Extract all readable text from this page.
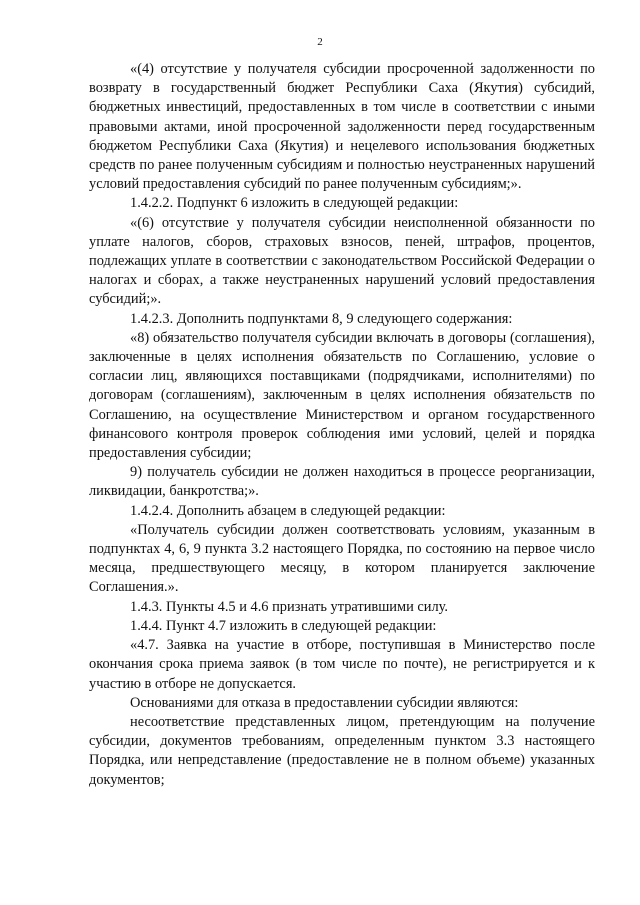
2

«(4) отсутствие у получателя субсидии просроченной задолженности по возврату в государственный бюджет Республики Саха (Якутия) субсидий, бюджетных инвестиций, предоставленных в том числе в соответствии с иными правовыми актами, иной просроченной задолженности перед государственным бюджетом Республики Саха (Якутия) и нецелевого использования бюджетных средств по ранее полученным субсидиям и полностью неустраненных нарушений условий предоставления субсидий по ранее полученным субсидиям;».

1.4.2.2. Подпункт 6 изложить в следующей редакции:

«(6) отсутствие у получателя субсидии неисполненной обязанности по уплате налогов, сборов, страховых взносов, пеней, штрафов, процентов, подлежащих уплате в соответствии с законодательством Российской Федерации о налогах и сборах, а также неустраненных нарушений условий предоставления субсидий;».

1.4.2.3. Дополнить подпунктами 8, 9 следующего содержания:

«8) обязательство получателя субсидии включать в договоры (соглашения), заключенные в целях исполнения обязательств по Соглашению, условие о согласии лиц, являющихся поставщиками (подрядчиками, исполнителями) по договорам (соглашениям), заключенным в целях исполнения обязательств по Соглашению, на осуществление Министерством и органом государственного финансового контроля проверок соблюдения ими условий, целей и порядка предоставления субсидии;

9) получатель субсидии не должен находиться в процессе реорганизации, ликвидации, банкротства;».

1.4.2.4. Дополнить абзацем в следующей редакции:

«Получатель субсидии должен соответствовать условиям, указанным в подпунктах 4, 6, 9 пункта 3.2 настоящего Порядка, по состоянию на первое число месяца, предшествующего месяцу, в котором планируется заключение Соглашения.».

1.4.3. Пункты 4.5 и 4.6 признать утратившими силу.

1.4.4. Пункт 4.7 изложить в следующей редакции:

«4.7. Заявка на участие в отборе, поступившая в Министерство после окончания срока приема заявок (в том числе по почте), не регистрируется и к участию в отборе не допускается.

Основаниями для отказа в предоставлении субсидии являются:

несоответствие представленных лицом, претендующим на получение субсидии, документов требованиям, определенным пунктом 3.3 настоящего Порядка, или непредставление (предоставление не в полном объеме) указанных документов;
